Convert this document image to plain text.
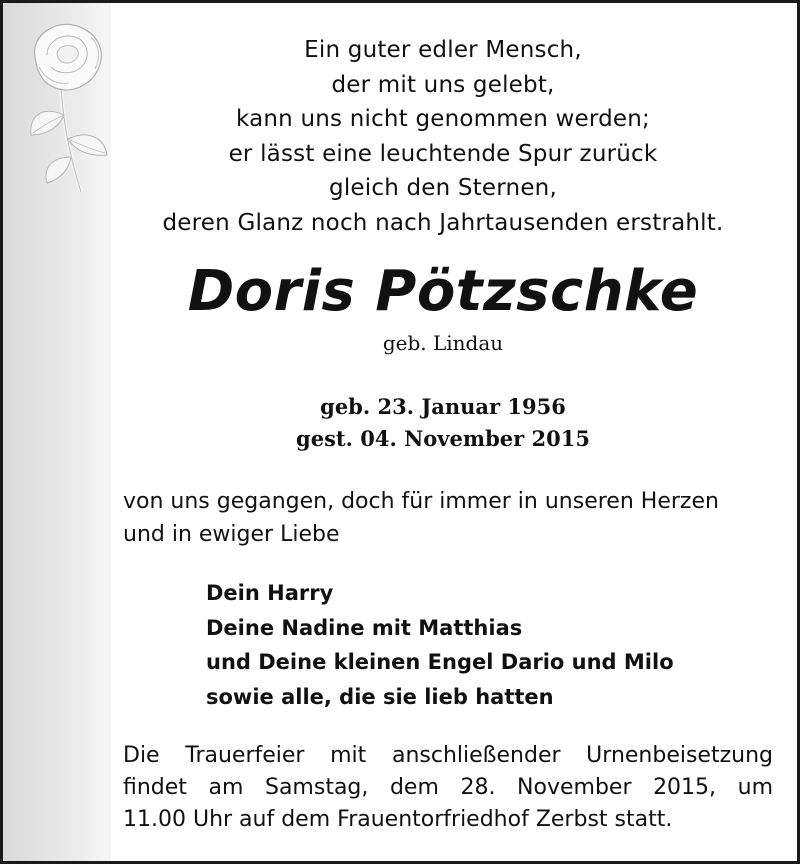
Ein guter edler Mensch,
der mit uns gelebt,
kann uns nicht genommen werden;
er lässt eine leuchtende Spur zurück
gleich den Sternen,
deren Glanz noch nach Jahrtausenden erstrahlt.
Doris Pötzschke
geb. Lindau
geb. 23. Januar 1956
gest. 04. November 2015
von uns gegangen, doch für immer in unseren Herzen
und in ewiger Liebe
Dein Harry
Deine Nadine mit Matthias
und Deine kleinen Engel Dario und Milo
sowie alle, die sie lieb hatten
Die Trauerfeier mit anschließender Urnenbeisetzung
findet am Samstag, dem 28. November 2015, um
11.00 Uhr auf dem Frauentorfriedhof Zerbst statt.
